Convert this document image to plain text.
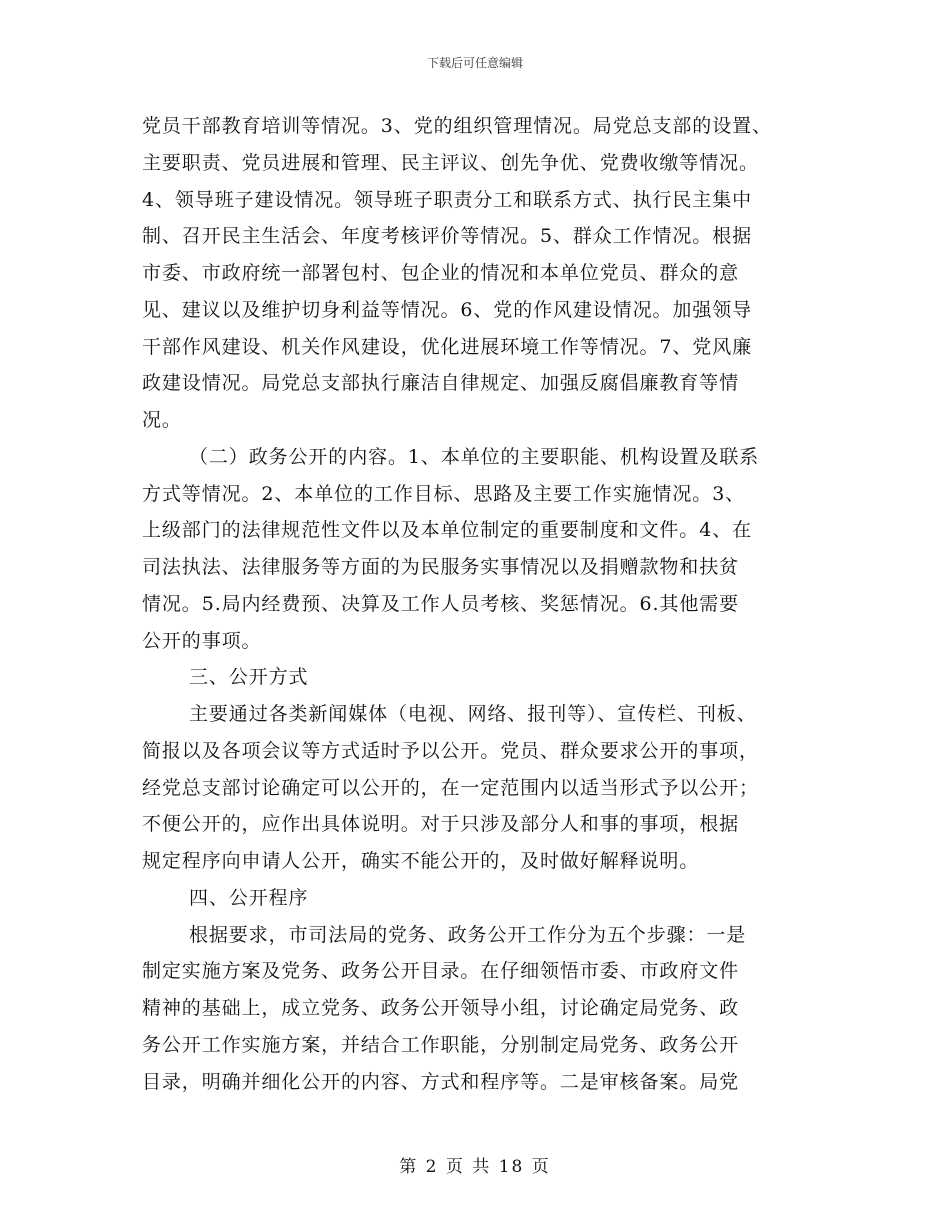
下载后可任意编辑
党员干部教育培训等情况。3、党的组织管理情况。局党总支部的设置、
主要职责、党员进展和管理、民主评议、创先争优、党费收缴等情况。
4、领导班子建设情况。领导班子职责分工和联系方式、执行民主集中
制、召开民主生活会、年度考核评价等情况。5、群众工作情况。根据
市委、市政府统一部署包村、包企业的情况和本单位党员、群众的意
见、建议以及维护切身利益等情况。6、党的作风建设情况。加强领导
干部作风建设、机关作风建设，优化进展环境工作等情况。7、党风廉
政建设情况。局党总支部执行廉洁自律规定、加强反腐倡廉教育等情
况。
（二）政务公开的内容。1、本单位的主要职能、机构设置及联系
方式等情况。2、本单位的工作目标、思路及主要工作实施情况。3、
上级部门的法律规范性文件以及本单位制定的重要制度和文件。4、在
司法执法、法律服务等方面的为民服务实事情况以及捐赠款物和扶贫
情况。5.局内经费预、决算及工作人员考核、奖惩情况。6.其他需要
公开的事项。
三、公开方式
主要通过各类新闻媒体（电视、网络、报刊等）、宣传栏、刊板、
简报以及各项会议等方式适时予以公开。党员、群众要求公开的事项，
经党总支部讨论确定可以公开的，在一定范围内以适当形式予以公开；
不便公开的，应作出具体说明。对于只涉及部分人和事的事项，根据
规定程序向申请人公开，确实不能公开的，及时做好解释说明。
四、公开程序
根据要求，市司法局的党务、政务公开工作分为五个步骤：一是
制定实施方案及党务、政务公开目录。在仔细领悟市委、市政府文件
精神的基础上，成立党务、政务公开领导小组，讨论确定局党务、政
务公开工作实施方案，并结合工作职能，分别制定局党务、政务公开
目录，明确并细化公开的内容、方式和程序等。二是审核备案。局党
第 2 页 共 18 页
